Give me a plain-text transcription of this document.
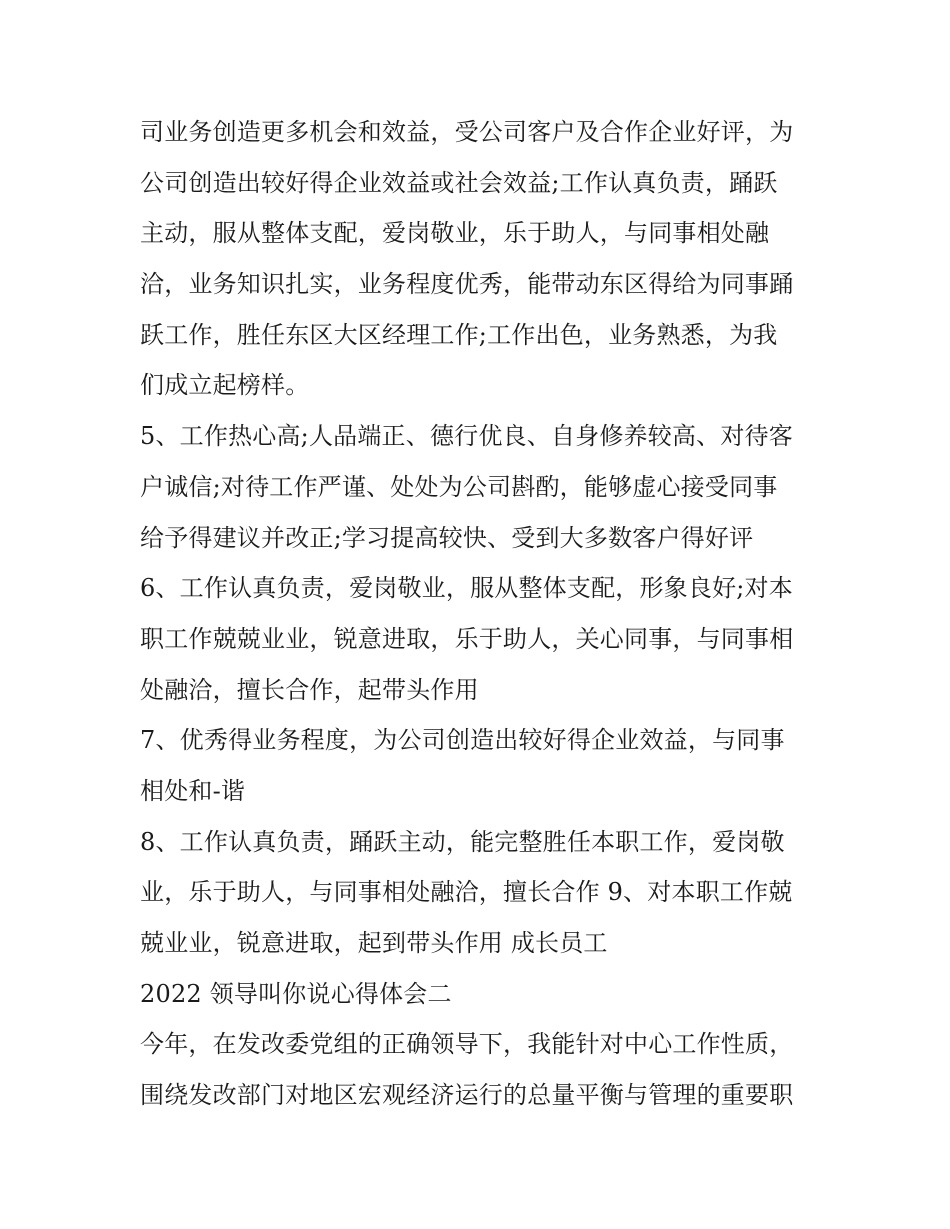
司业务创造更多机会和效益，受公司客户及合作企业好评，为
公司创造出较好得企业效益或社会效益;工作认真负责，踊跃
主动，服从整体支配，爱岗敬业，乐于助人，与同事相处融
洽，业务知识扎实，业务程度优秀，能带动东区得给为同事踊
跃工作，胜任东区大区经理工作;工作出色，业务熟悉，为我
们成立起榜样。
5、工作热心高;人品端正、德行优良、自身修养较高、对待客
户诚信;对待工作严谨、处处为公司斟酌，能够虚心接受同事
给予得建议并改正;学习提高较快、受到大多数客户得好评
6、工作认真负责，爱岗敬业，服从整体支配，形象良好;对本
职工作兢兢业业，锐意进取，乐于助人，关心同事，与同事相
处融洽，擅长合作，起带头作用
7、优秀得业务程度，为公司创造出较好得企业效益，与同事
相处和-谐
8、工作认真负责，踊跃主动，能完整胜任本职工作，爱岗敬
业，乐于助人，与同事相处融洽，擅长合作 9、对本职工作兢
兢业业，锐意进取，起到带头作用 成长员工
2022 领导叫你说心得体会二
今年，在发改委党组的正确领导下，我能针对中心工作性质，
围绕发改部门对地区宏观经济运行的总量平衡与管理的重要职
